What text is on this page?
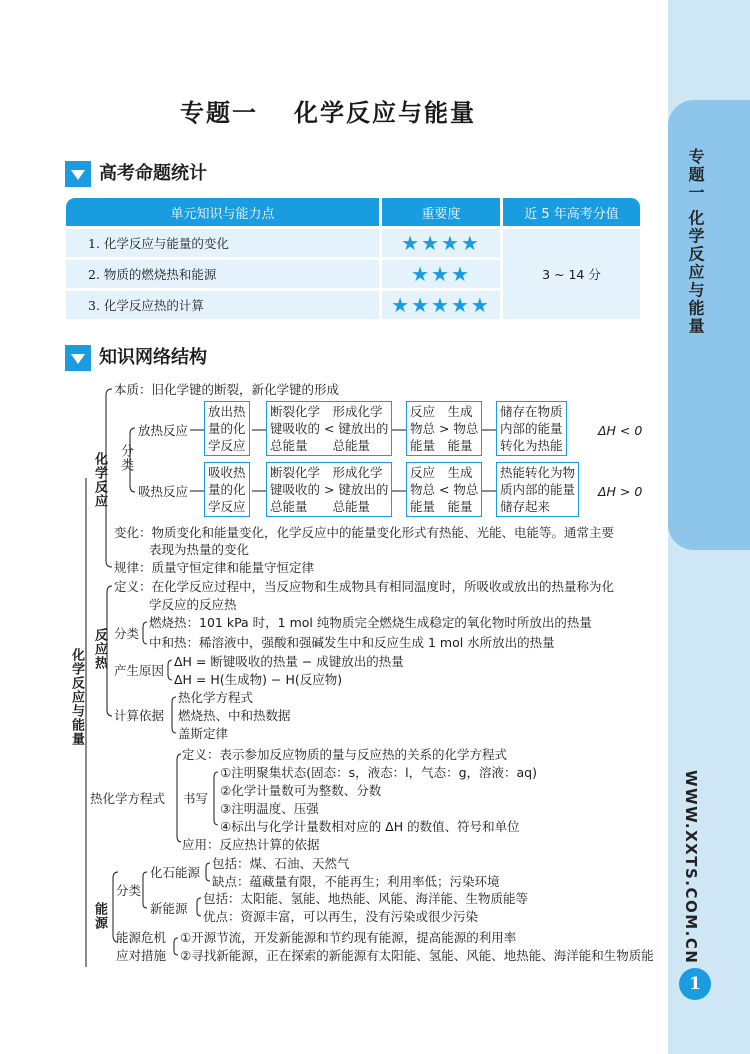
专题一 化学反应与能量
WWW.XXTS.COM.CN
1
专题一 化学反应与能量
高考命题统计
单元知识与能力点	重要度	近 5 年高考分值
1. 化学反应与能量的变化	★★★★	3 ~ 14 分
2. 物质的燃烧热和能源	★★★	
3. 化学反应热的计算	★★★★★	
知识网络结构
化学反应与能量
化学反应
本质：旧化学键的断裂，新化学键的形成
分类
放热反应
放出热
量的化
学反应
断裂化学　形成化学
键吸收的 < 键放出的
总能量　　总能量
反应　生成
物总 > 物总
能量　能量
储存在物质
内部的能量
转化为热能
ΔH < 0
吸热反应
吸收热
量的化
学反应
断裂化学　形成化学
键吸收的 > 键放出的
总能量　　总能量
反应　生成
物总 < 物总
能量　能量
热能转化为物
质内部的能量
储存起来
ΔH > 0
变化：物质变化和能量变化，化学反应中的能量变化形式有热能、光能、电能等。通常主要
表现为热量的变化
规律：质量守恒定律和能量守恒定律
反应热
定义：在化学反应过程中，当反应物和生成物具有相同温度时，所吸收或放出的热量称为化
学反应的反应热
分类
燃烧热：101 kPa 时，1 mol 纯物质完全燃烧生成稳定的氧化物时所放出的热量
中和热：稀溶液中，强酸和强碱发生中和反应生成 1 mol 水所放出的热量
产生原因
ΔH = 断键吸收的热量 − 成键放出的热量
ΔH = H(生成物) − H(反应物)
计算依据
热化学方程式
燃烧热、中和热数据
盖斯定律
热化学方程式
定义：表示参加反应物质的量与反应热的关系的化学方程式
书写
①注明聚集状态(固态：s，液态：l，气态：g，溶液：aq)
②化学计量数可为整数、分数
③注明温度、压强
④标出与化学计量数相对应的 ΔH 的数值、符号和单位
应用：反应热计算的依据
能源
分类
化石能源
包括：煤、石油、天然气
缺点：蕴藏量有限，不能再生；利用率低；污染环境
新能源
包括：太阳能、氢能、地热能、风能、海洋能、生物质能等
优点：资源丰富，可以再生，没有污染或很少污染
能源危机
应对措施
①开源节流，开发新能源和节约现有能源，提高能源的利用率
②寻找新能源，正在探索的新能源有太阳能、氢能、风能、地热能、海洋能和生物质能
